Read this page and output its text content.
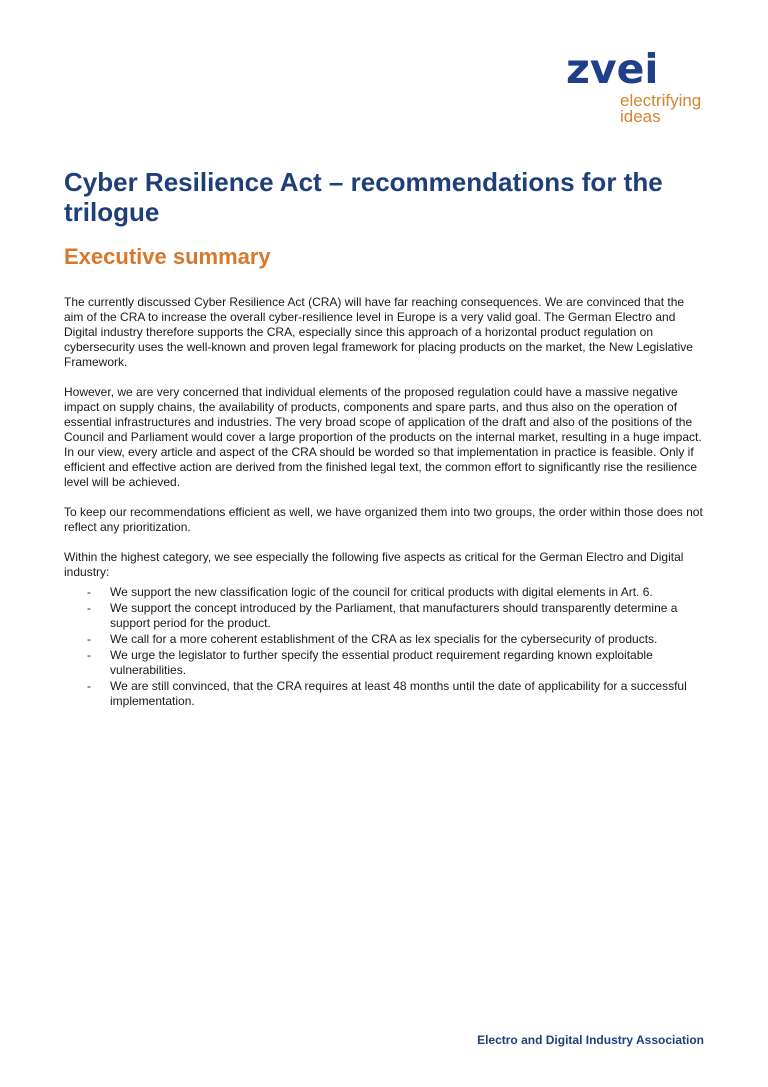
zvei
electrifying
ideas
Cyber Resilience Act – recommendations for the trilogue
Executive summary

The currently discussed Cyber Resilience Act (CRA) will have far reaching consequences. We are convinced that the aim of the CRA to increase the overall cyber-resilience level in Europe is a very valid goal. The German Electro and Digital industry therefore supports the CRA, especially since this approach of a horizontal product regulation on cybersecurity uses the well-known and proven legal framework for placing products on the market, the New Legislative Framework.

However, we are very concerned that individual elements of the proposed regulation could have a massive negative impact on supply chains, the availability of products, components and spare parts, and thus also on the operation of essential infrastructures and industries. The very broad scope of application of the draft and also of the positions of the Council and Parliament would cover a large proportion of the products on the internal market, resulting in a huge impact. In our view, every article and aspect of the CRA should be worded so that implementation in practice is feasible. Only if efficient and effective action are derived from the finished legal text, the common effort to significantly rise the resilience level will be achieved.

To keep our recommendations efficient as well, we have organized them into two groups, the order within those does not reflect any prioritization.

Within the highest category, we see especially the following five aspects as critical for the German Electro and Digital industry:

- We support the new classification logic of the council for critical products with digital elements in Art. 6.
- We support the concept introduced by the Parliament, that manufacturers should transparently determine a support period for the product.
- We call for a more coherent establishment of the CRA as lex specialis for the cybersecurity of products.
- We urge the legislator to further specify the essential product requirement regarding known exploitable vulnerabilities.
- We are still convinced, that the CRA requires at least 48 months until the date of applicability for a successful implementation.
Electro and Digital Industry Association
